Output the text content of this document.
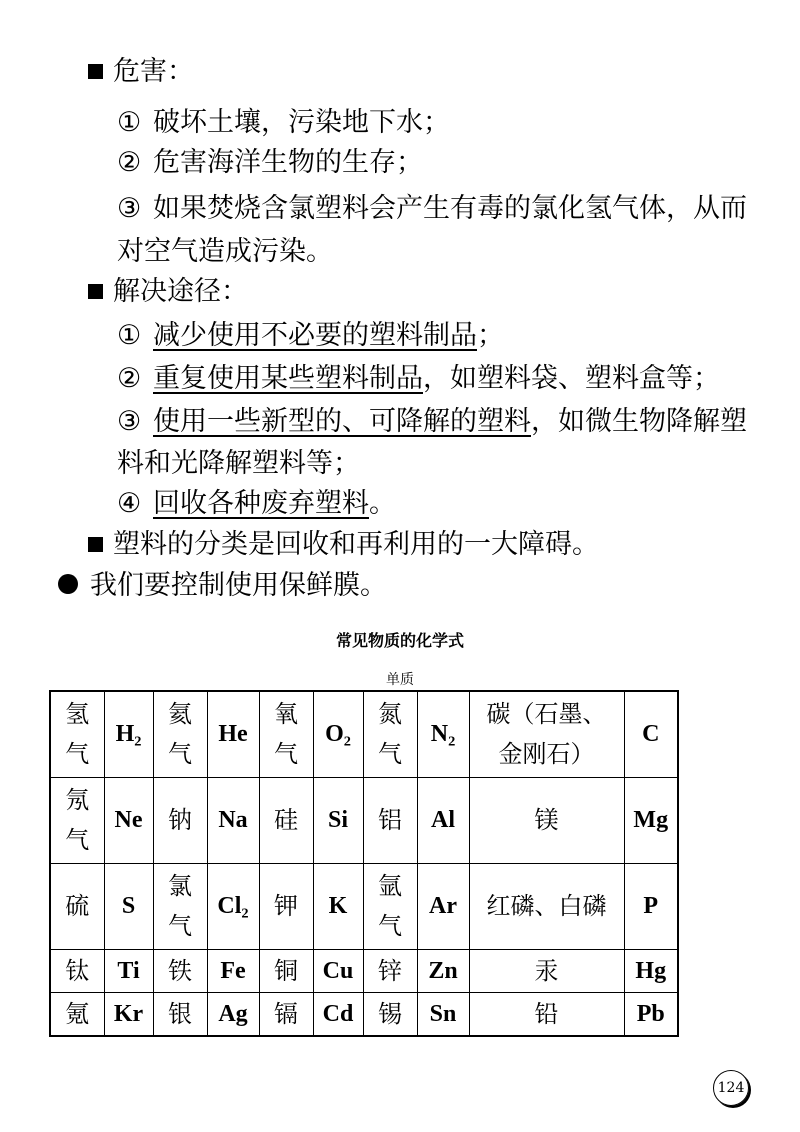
危害：
① 破坏土壤，污染地下水；
② 危害海洋生物的生存；
③ 如果焚烧含氯塑料会产生有毒的氯化氢气体，从而
对空气造成污染。
解决途径：
① 减少使用不必要的塑料制品；
② 重复使用某些塑料制品，如塑料袋、塑料盒等；
③ 使用一些新型的、可降解的塑料，如微生物降解塑
料和光降解塑料等；
④ 回收各种废弃塑料。
塑料的分类是回收和再利用的一大障碍。
我们要控制使用保鲜膜。
常见物质的化学式
单质
氢气	H₂	氦气	He	氧气	O₂	氮气	N₂	碳（石墨、金刚石）	C
氖气	Ne	钠	Na	硅	Si	铝	Al	镁	Mg
硫	S	氯气	Cl₂	钾	K	氩气	Ar	红磷、白磷	P
钛	Ti	铁	Fe	铜	Cu	锌	Zn	汞	Hg
氪	Kr	银	Ag	镉	Cd	锡	Sn	铅	Pb
124
